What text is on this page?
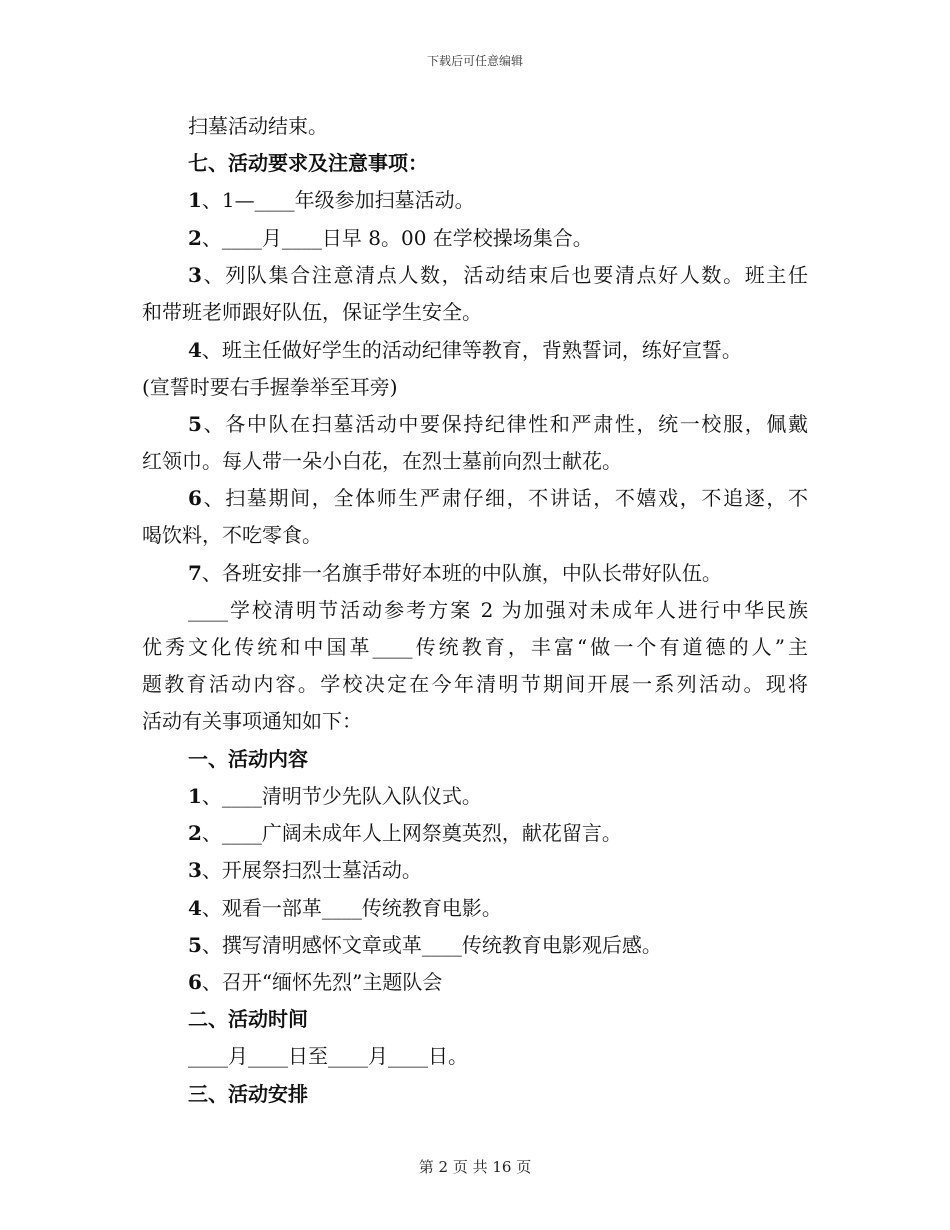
下载后可任意编辑
扫墓活动结束。
七、活动要求及注意事项：
1、1—____年级参加扫墓活动。
2、____月____日早 8。00 在学校操场集合。
3、列队集合注意清点人数，活动结束后也要清点好人数。班主任
和带班老师跟好队伍，保证学生安全。
4、班主任做好学生的活动纪律等教育，背熟誓词，练好宣誓。
(宣誓时要右手握拳举至耳旁)
5、各中队在扫墓活动中要保持纪律性和严肃性，统一校服，佩戴
红领巾。每人带一朵小白花，在烈士墓前向烈士献花。
6、扫墓期间，全体师生严肃仔细，不讲话，不嬉戏，不追逐，不
喝饮料，不吃零食。
7、各班安排一名旗手带好本班的中队旗，中队长带好队伍。
____学校清明节活动参考方案 2 为加强对未成年人进行中华民族
优秀文化传统和中国革____传统教育，丰富“做一个有道德的人”主
题教育活动内容。学校决定在今年清明节期间开展一系列活动。现将
活动有关事项通知如下：
一、活动内容
1、____清明节少先队入队仪式。
2、____广阔未成年人上网祭奠英烈，献花留言。
3、开展祭扫烈士墓活动。
4、观看一部革____传统教育电影。
5、撰写清明感怀文章或革____传统教育电影观后感。
6、召开“缅怀先烈”主题队会
二、活动时间
____月____日至____月____日。
三、活动安排
第 2 页 共 16 页
